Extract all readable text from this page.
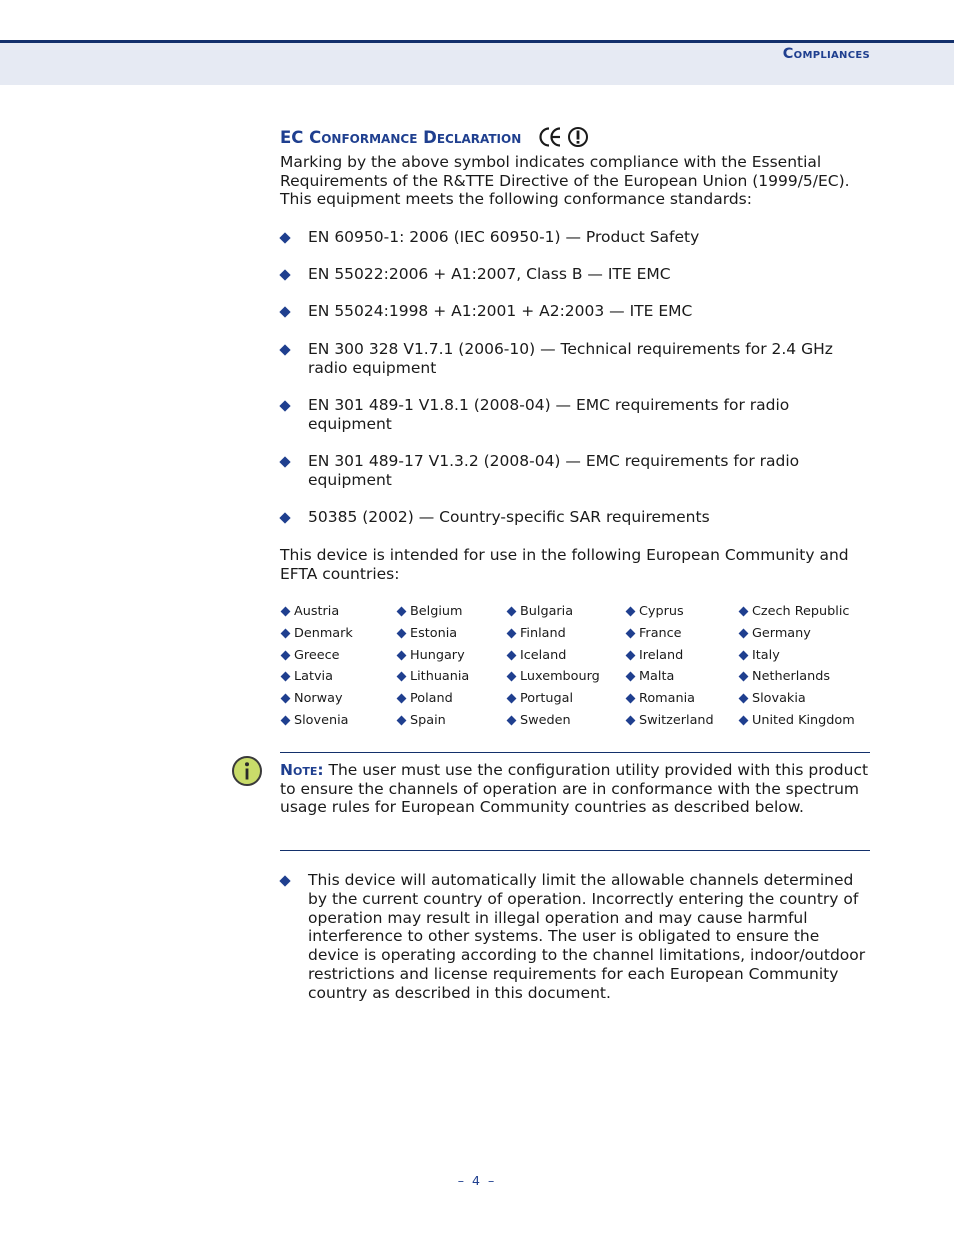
Compliances
EC Conformance Declaration

Marking by the above symbol indicates compliance with the Essential Requirements of the R&TTE Directive of the European Union (1999/5/EC). This equipment meets the following conformance standards:

EN 60950-1: 2006 (IEC 60950-1) — Product Safety
EN 55022:2006 + A1:2007, Class B — ITE EMC
EN 55024:1998 + A1:2001 + A2:2003 — ITE EMC
EN 300 328 V1.7.1 (2006-10) — Technical requirements for 2.4 GHz radio equipment
EN 301 489-1 V1.8.1 (2008-04) — EMC requirements for radio equipment
EN 301 489-17 V1.3.2 (2008-04) — EMC requirements for radio equipment
50385 (2002) — Country-specific SAR requirements

This device is intended for use in the following European Community and EFTA countries:

Austria	Belgium	Bulgaria	Cyprus	Czech Republic
Denmark	Estonia	Finland	France	Germany
Greece	Hungary	Iceland	Ireland	Italy
Latvia	Lithuania	Luxembourg	Malta	Netherlands
Norway	Poland	Portugal	Romania	Slovakia
Slovenia	Spain	Sweden	Switzerland	United Kingdom

Note: The user must use the configuration utility provided with this product to ensure the channels of operation are in conformance with the spectrum usage rules for European Community countries as described below.

This device will automatically limit the allowable channels determined by the current country of operation. Incorrectly entering the country of operation may result in illegal operation and may cause harmful interference to other systems. The user is obligated to ensure the device is operating according to the channel limitations, indoor/outdoor restrictions and license requirements for each European Community country as described in this document.
– 4 –
